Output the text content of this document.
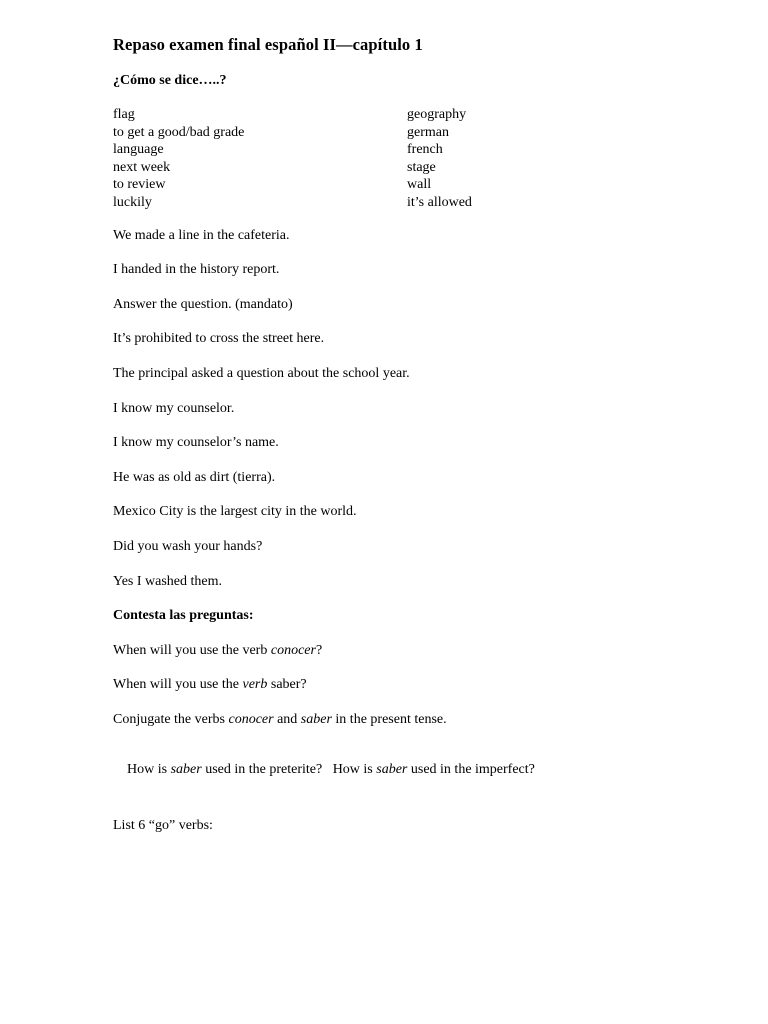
Repaso examen final español II—capítulo 1
¿Cómo se dice…..?
flag
to get a good/bad grade
language
next week
to review
luckily
geography
german
french
stage
wall
it’s allowed
We made a line in the cafeteria.
I handed in the history report.
Answer the question. (mandato)
It’s prohibited to cross the street here.
The principal asked a question about the school year.
I know my counselor.
I know my counselor’s name.
He was as old as dirt (tierra).
Mexico City is the largest city in the world.
Did you wash your hands?
Yes I washed them.
Contesta las preguntas:
When will you use the verb conocer?
When will you use the verb saber?
Conjugate the verbs conocer and saber in the present tense.

How is saber used in the preterite?   How is saber used in the imperfect?

List 6 “go” verbs:
